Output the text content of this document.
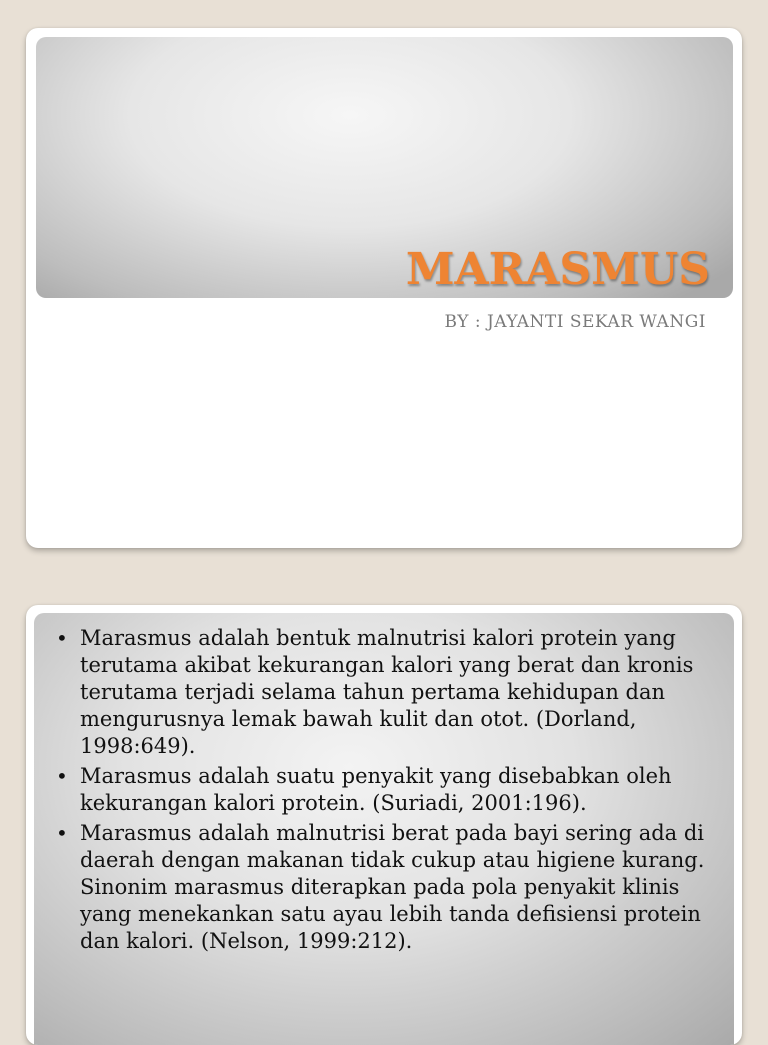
MARASMUS

BY : JAYANTI SEKAR WANGI

• Marasmus adalah bentuk malnutrisi kalori protein yang terutama akibat kekurangan kalori yang berat dan kronis terutama terjadi selama tahun pertama kehidupan dan mengurusnya lemak bawah kulit dan otot. (Dorland, 1998:649).
• Marasmus adalah suatu penyakit yang disebabkan oleh kekurangan kalori protein. (Suriadi, 2001:196).
• Marasmus adalah malnutrisi berat pada bayi sering ada di daerah dengan makanan tidak cukup atau higiene kurang. Sinonim marasmus diterapkan pada pola penyakit klinis yang menekankan satu ayau lebih tanda defisiensi protein dan kalori. (Nelson, 1999:212).
